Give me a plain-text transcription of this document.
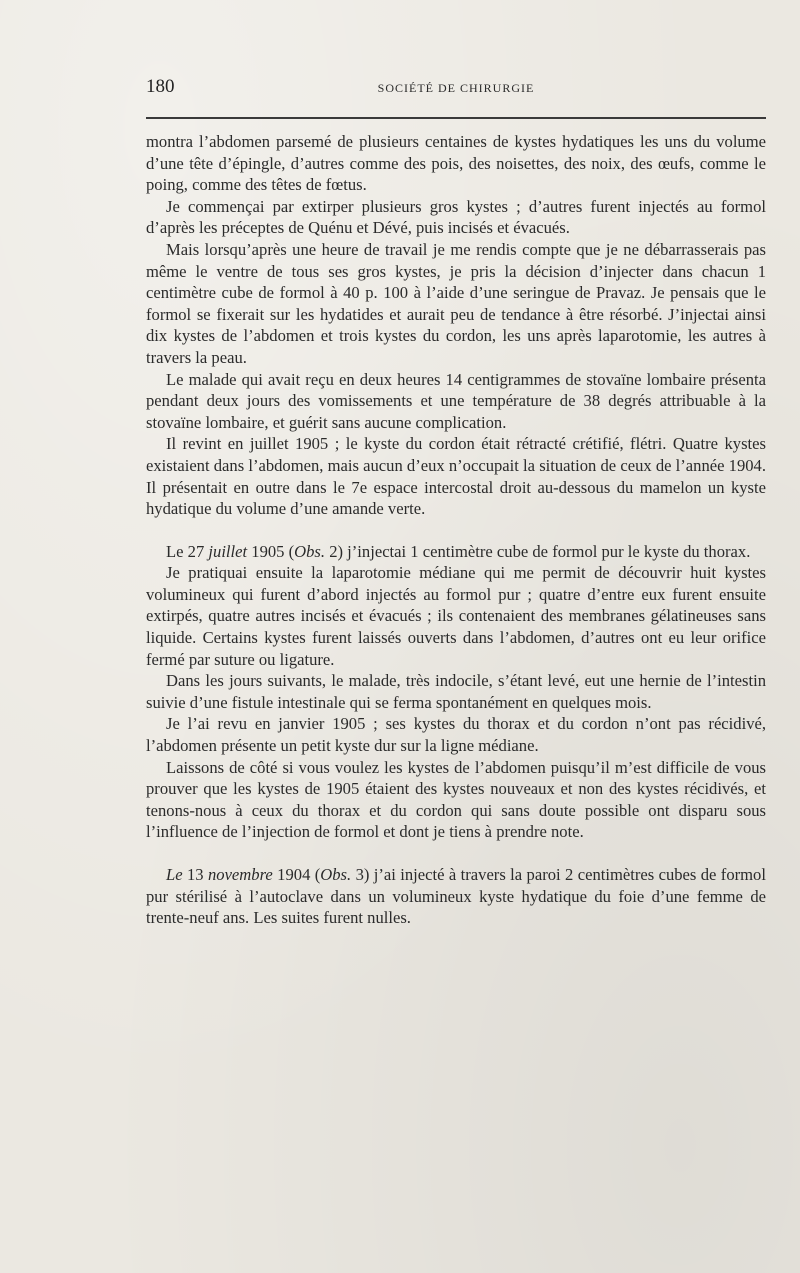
180	SOCIÉTÉ DE CHIRURGIE

montra l’abdomen parsemé de plusieurs centaines de kystes hydatiques les uns du volume d’une tête d’épingle, d’autres comme des pois, des noisettes, des noix, des œufs, comme le poing, comme des têtes de fœtus.

Je commençai par extirper plusieurs gros kystes ; d’autres furent injectés au formol d’après les préceptes de Quénu et Dévé, puis incisés et évacués.

Mais lorsqu’après une heure de travail je me rendis compte que je ne débarrasserais pas même le ventre de tous ses gros kystes, je pris la décision d’injecter dans chacun 1 centimètre cube de formol à 40 p. 100 à l’aide d’une seringue de Pravaz. Je pensais que le formol se fixerait sur les hydatides et aurait peu de tendance à être résorbé. J’injectai ainsi dix kystes de l’abdomen et trois kystes du cordon, les uns après laparotomie, les autres à travers la peau.

Le malade qui avait reçu en deux heures 14 centigrammes de stovaïne lombaire présenta pendant deux jours des vomissements et une température de 38 degrés attribuable à la stovaïne lombaire, et guérit sans aucune complication.

Il revint en juillet 1905 ; le kyste du cordon était rétracté crétifié, flétri. Quatre kystes existaient dans l’abdomen, mais aucun d’eux n’occupait la situation de ceux de l’année 1904. Il présentait en outre dans le 7e espace intercostal droit au-dessous du mamelon un kyste hydatique du volume d’une amande verte.

Le 27 juillet 1905 (Obs. 2) j’injectai 1 centimètre cube de formol pur le kyste du thorax.

Je pratiquai ensuite la laparotomie médiane qui me permit de découvrir huit kystes volumineux qui furent d’abord injectés au formol pur ; quatre d’entre eux furent ensuite extirpés, quatre autres incisés et évacués ; ils contenaient des membranes gélatineuses sans liquide. Certains kystes furent laissés ouverts dans l’abdomen, d’autres ont eu leur orifice fermé par suture ou ligature.

Dans les jours suivants, le malade, très indocile, s’étant levé, eut une hernie de l’intestin suivie d’une fistule intestinale qui se ferma spontanément en quelques mois.

Je l’ai revu en janvier 1905 ; ses kystes du thorax et du cordon n’ont pas récidivé, l’abdomen présente un petit kyste dur sur la ligne médiane.

Laissons de côté si vous voulez les kystes de l’abdomen puisqu’il m’est difficile de vous prouver que les kystes de 1905 étaient des kystes nouveaux et non des kystes récidivés, et tenons-nous à ceux du thorax et du cordon qui sans doute possible ont disparu sous l’influence de l’injection de formol et dont je tiens à prendre note.

Le 13 novembre 1904 (Obs. 3) j’ai injecté à travers la paroi 2 centimètres cubes de formol pur stérilisé à l’autoclave dans un volumineux kyste hydatique du foie d’une femme de trente-neuf ans. Les suites furent nulles.
